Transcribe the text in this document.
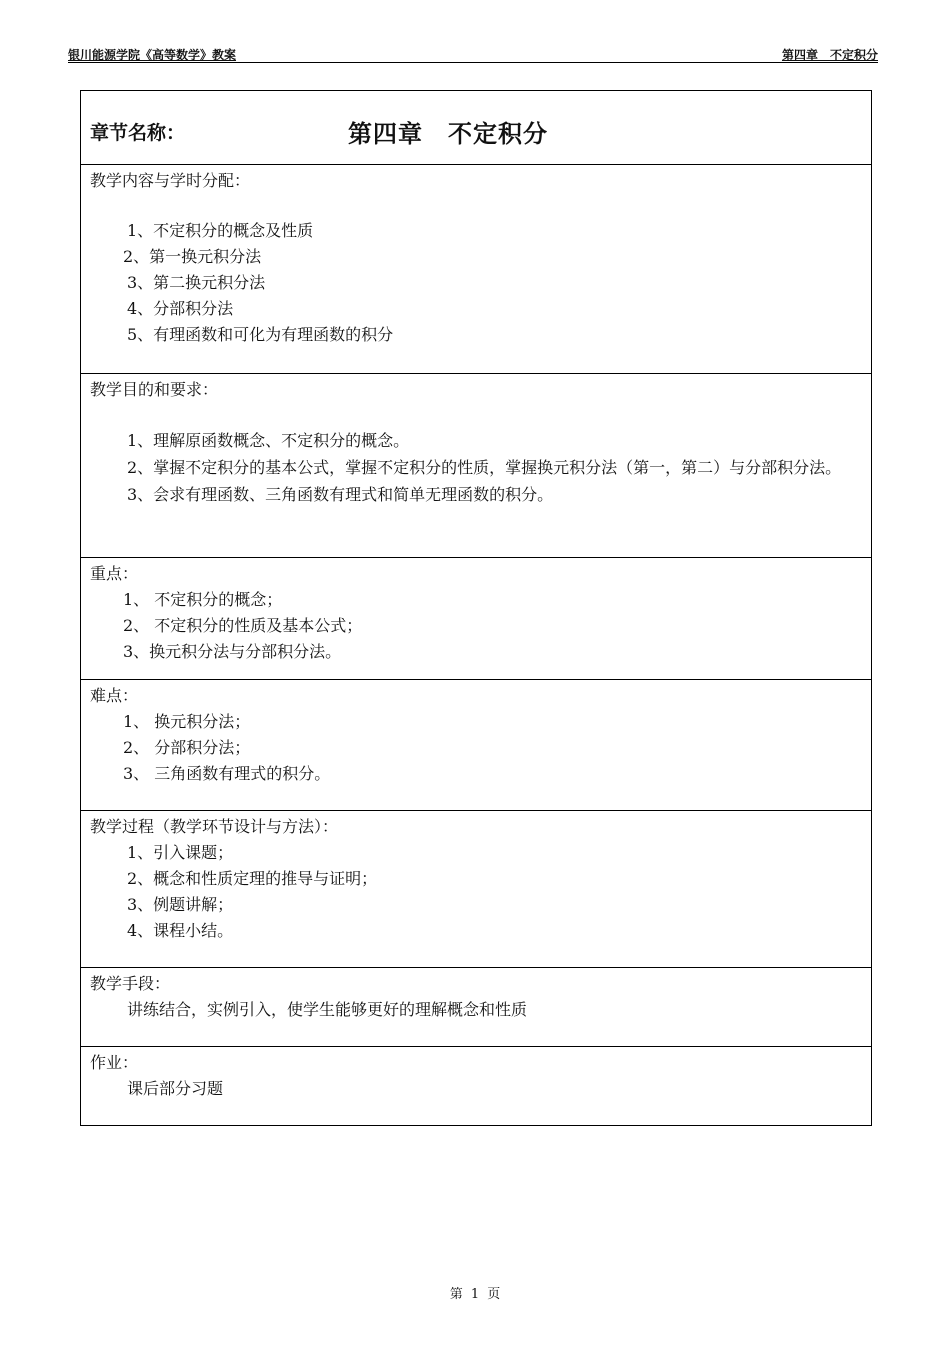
银川能源学院《高等数学》教案	第四章　不定积分
章节名称：	第四章　不定积分
教学内容与学时分配：
1、不定积分的概念及性质
2、第一换元积分法
3、第二换元积分法
4、分部积分法
5、有理函数和可化为有理函数的积分
教学目的和要求：
1、理解原函数概念、不定积分的概念。
2、掌握不定积分的基本公式，掌握不定积分的性质，掌握换元积分法（第一，第二）与分部积分法。
3、会求有理函数、三角函数有理式和简单无理函数的积分。
重点：
1、 不定积分的概念；
2、 不定积分的性质及基本公式；
3、换元积分法与分部积分法。
难点：
1、 换元积分法；
2、 分部积分法；
3、 三角函数有理式的积分。
教学过程（教学环节设计与方法）：
1、引入课题；
2、概念和性质定理的推导与证明；
3、例题讲解；
4、课程小结。
教学手段：
讲练结合，实例引入，使学生能够更好的理解概念和性质
作业：
课后部分习题
第 1 页
